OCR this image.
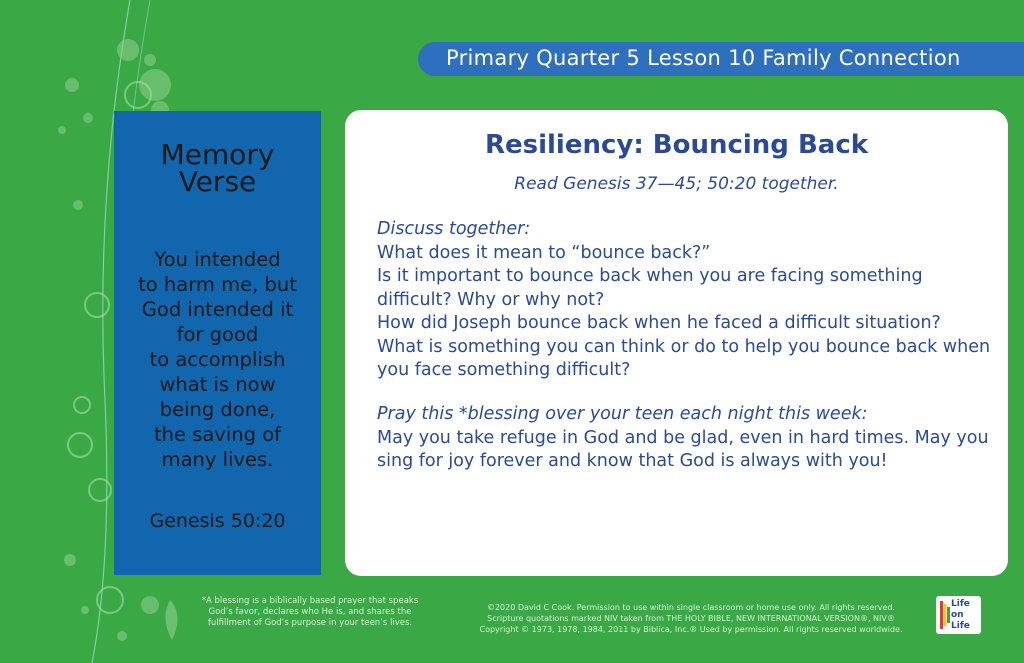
Primary Quarter 5 Lesson 10 Family Connection
Memory
Verse
You intended
to harm me, but
God intended it
for good
to accomplish
what is now
being done,
the saving of
many lives.
Genesis 50:20
Resiliency: Bouncing Back
Read Genesis 37—45; 50:20 together.
Discuss together:
What does it mean to “bounce back?”
Is it important to bounce back when you are facing something difficult? Why or why not?
How did Joseph bounce back when he faced a difficult situation?
What is something you can think or do to help you bounce back when you face something difficult?
Pray this *blessing over your teen each night this week:
May you take refuge in God and be glad, even in hard times. May you sing for joy forever and know that God is always with you!
*A blessing is a biblically based prayer that speaks
God’s favor, declares who He is, and shares the
fulfillment of God’s purpose in your teen’s lives.
©2020 David C Cook. Permission to use within single classroom or home use only. All rights reserved.
Scripture quotations marked NIV taken from THE HOLY BIBLE, NEW INTERNATIONAL VERSION®, NIV®
Copyright © 1973, 1978, 1984, 2011 by Biblica, Inc.® Used by permission. All rights reserved worldwide.
Life
on
Life
